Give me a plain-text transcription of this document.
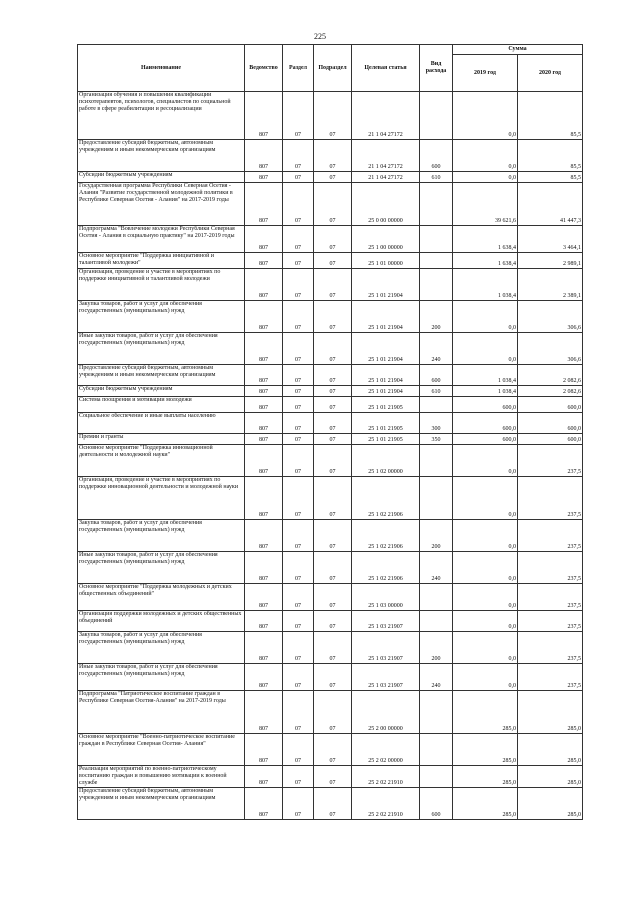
225
Наименование	Ведомство	Раздел	Подраздел	Целевая статья	Вид расхода	Сумма	
						2019 год	2020 год
Организация обучения и повышения квалификации психотерапевтов, психологов, специалистов по социальной работе в сфере реабилитации и ресоциализации	807	07	07	21 1 04 27172		0,0	85,5
Предоставление субсидий бюджетным, автономным учреждениям и иным некоммерческим организациям	807	07	07	21 1 04 27172	600	0,0	85,5
Субсидии бюджетным учреждениям	807	07	07	21 1 04 27172	610	0,0	85,5
Государственная программа Республики Северная Осетия - Алания "Развитие государственной молодежной политики в Республике Северная Осетия - Алания" на 2017-2019 годы	807	07	07	25 0 00 00000		39 621,6	41 447,3
Подпрограмма "Вовлечение молодежи Республики Северная Осетия - Алания в социальную практику" на 2017-2019 годы	807	07	07	25 1 00 00000		1 638,4	3 464,1
Основное мероприятие "Поддержка инициативной и талантливой молодежи"	807	07	07	25 1 01 00000		1 638,4	2 989,1
Организация, проведение и участие в мероприятиях по поддержке инициативной и талантливой молодежи	807	07	07	25 1 01 21904		1 038,4	2 389,1
Закупка товаров, работ и услуг для обеспечения государственных (муниципальных) нужд	807	07	07	25 1 01 21904	200	0,0	306,6
Иные закупки товаров, работ и услуг для обеспечения государственных (муниципальных) нужд	807	07	07	25 1 01 21904	240	0,0	306,6
Предоставление субсидий бюджетным, автономным учреждениям и иным некоммерческим организациям	807	07	07	25 1 01 21904	600	1 038,4	2 082,6
Субсидии бюджетным учреждениям	807	07	07	25 1 01 21904	610	1 038,4	2 082,6
Система поощрения и мотивации молодежи	807	07	07	25 1 01 21905		600,0	600,0
Социальное обеспечение и иные выплаты населению	807	07	07	25 1 01 21905	300	600,0	600,0
Премии и гранты	807	07	07	25 1 01 21905	350	600,0	600,0
Основное мероприятие "Поддержка инновационной деятельности и молодежной науки"	807	07	07	25 1 02 00000		0,0	237,5
Организация, проведение и участие в мероприятиях по поддержке инновационной деятельности и молодежной науки	807	07	07	25 1 02 21906		0,0	237,5
Закупка товаров, работ и услуг для обеспечения государственных (муниципальных) нужд	807	07	07	25 1 02 21906	200	0,0	237,5
Иные закупки товаров, работ и услуг для обеспечения государственных (муниципальных) нужд	807	07	07	25 1 02 21906	240	0,0	237,5
Основное мероприятие "Поддержка молодежных и детских общественных объединений"	807	07	07	25 1 03 00000		0,0	237,5
Организация поддержки молодежных и детских общественных объединений	807	07	07	25 1 03 21907		0,0	237,5
Закупка товаров, работ и услуг для обеспечения государственных (муниципальных) нужд	807	07	07	25 1 03 21907	200	0,0	237,5
Иные закупки товаров, работ и услуг для обеспечения государственных (муниципальных) нужд	807	07	07	25 1 03 21907	240	0,0	237,5
Подпрограмма "Патриотическое воспитание граждан в Республике Северная Осетия-Алания" на 2017-2019 годы	807	07	07	25 2 00 00000		285,0	285,0
Основное мероприятие "Военно-патриотическое воспитание граждан в Республике Северная Осетия- Алания"	807	07	07	25 2 02 00000		285,0	285,0
Реализация мероприятий по военно-патриотическому воспитанию граждан и повышению мотивации к военной службе	807	07	07	25 2 02 21910		285,0	285,0
Предоставление субсидий бюджетным, автономным учреждениям и иным некоммерческим организациям	807	07	07	25 2 02 21910	600	285,0	285,0
